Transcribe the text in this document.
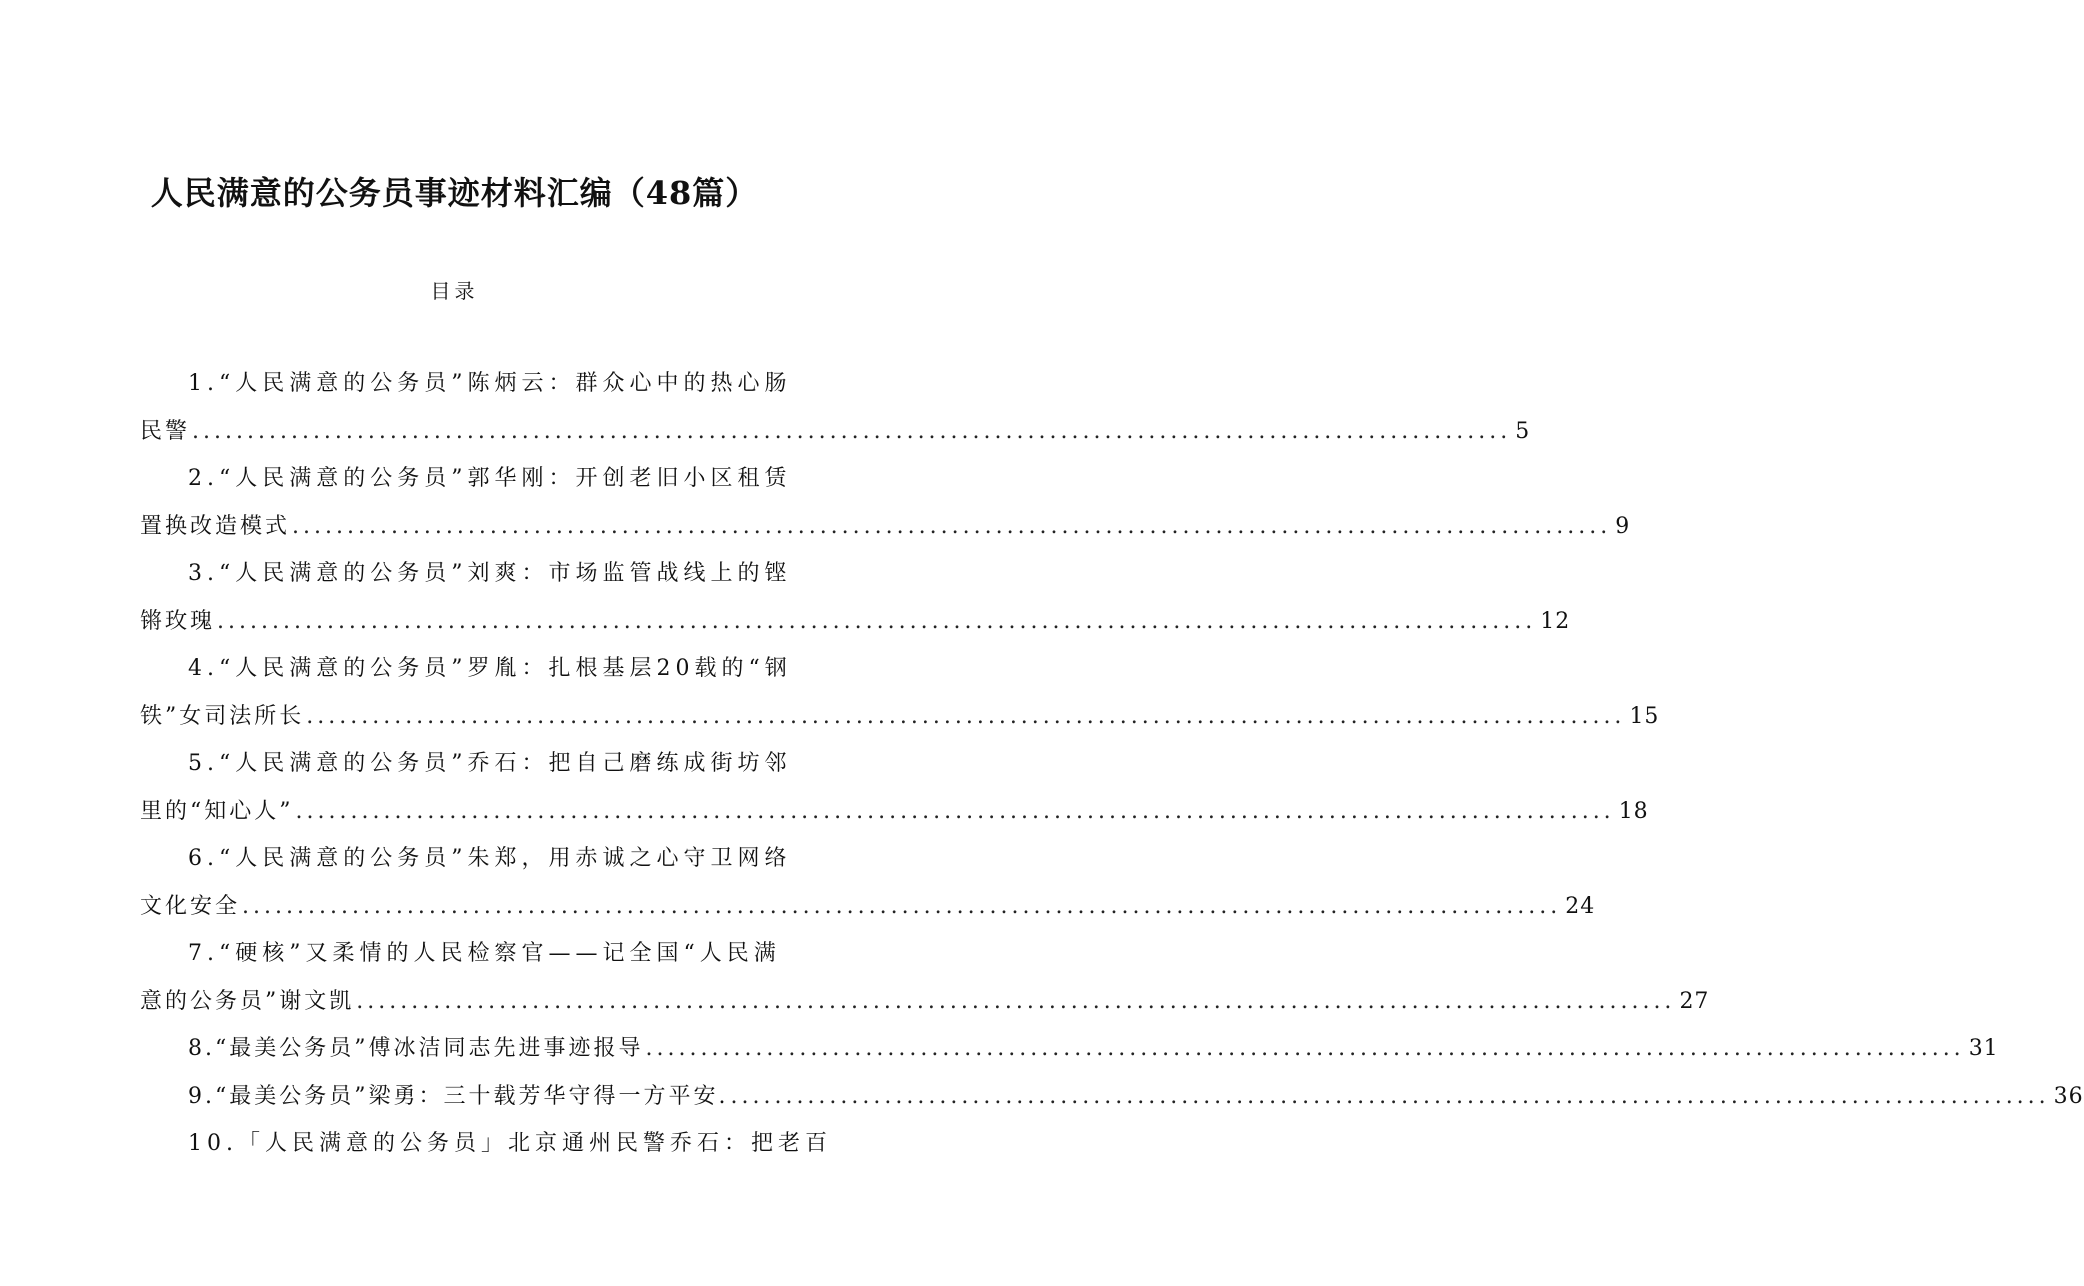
人民满意的公务员事迹材料汇编（48篇）
目录
1.“人民满意的公务员”陈炳云：群众心中的热心肠
民警 ........................................................................................................................ 5
2.“人民满意的公务员”郭华刚：开创老旧小区租赁
置换改造模式 ........................................................................................................................ 9
3.“人民满意的公务员”刘爽：市场监管战线上的铿
锵玫瑰 ........................................................................................................................ 12
4.“人民满意的公务员”罗胤：扎根基层20载的“钢
铁”女司法所长 ........................................................................................................................ 15
5.“人民满意的公务员”乔石：把自己磨练成街坊邻
里的“知心人” ........................................................................................................................ 18
6.“人民满意的公务员”朱郑，用赤诚之心守卫网络
文化安全 ........................................................................................................................ 24
7.“硬核”又柔情的人民检察官——记全国“人民满
意的公务员”谢文凯 ........................................................................................................................ 27
8.“最美公务员”傅冰洁同志先进事迹报导 ........................................................................................................................ 31
9.“最美公务员”梁勇：三十载芳华守得一方平安. ........................................................................................................................ 36
10.「人民满意的公务员」北京通州民警乔石：把老百
